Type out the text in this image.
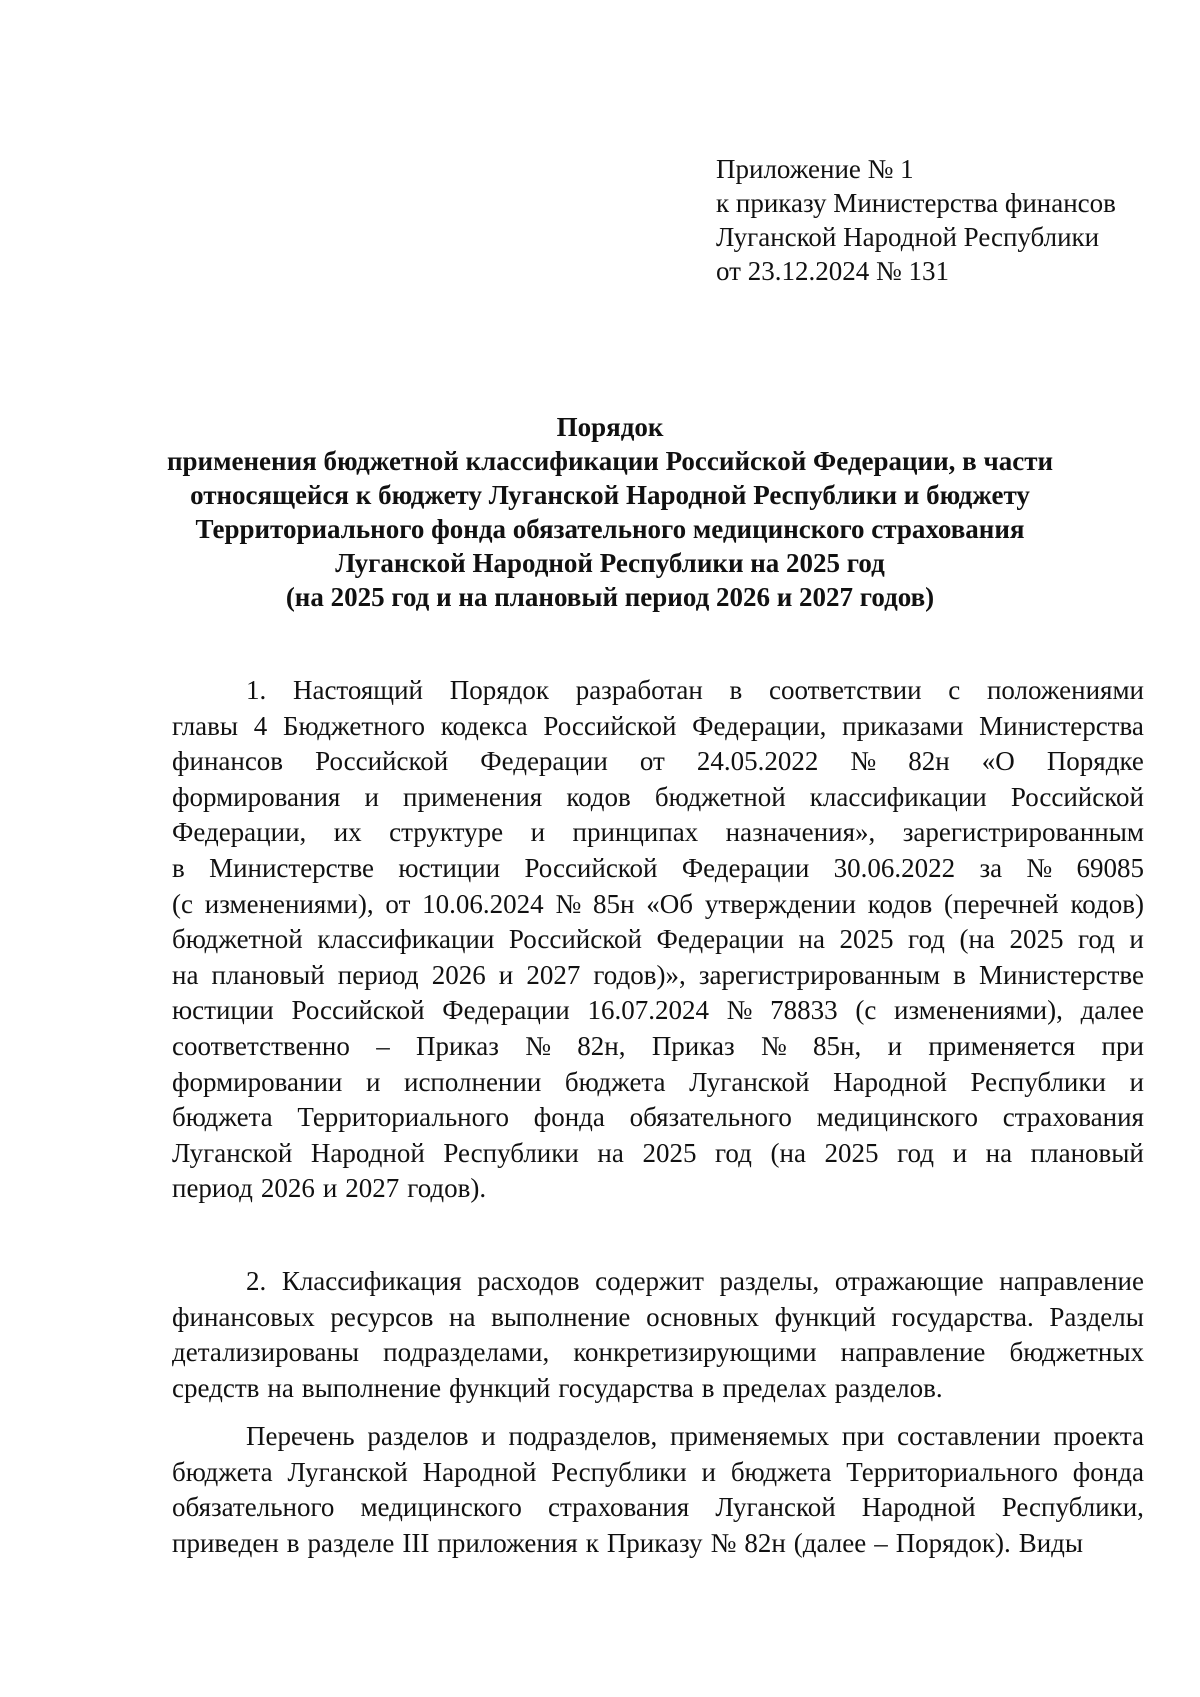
Приложение № 1
к приказу Министерства финансов
Луганской Народной Республики
от 23.12.2024 № 131
Порядок
применения бюджетной классификации Российской Федерации, в части
относящейся к бюджету Луганской Народной Республики и бюджету
Территориального фонда обязательного медицинского страхования
Луганской Народной Республики на 2025 год
(на 2025 год и на плановый период 2026 и 2027 годов)
1. Настоящий Порядок разработан в соответствии с положениями
главы 4 Бюджетного кодекса Российской Федерации, приказами Министерства
финансов Российской Федерации от 24.05.2022 № 82н «О Порядке
формирования и применения кодов бюджетной классификации Российской
Федерации, их структуре и принципах назначения», зарегистрированным
в Министерстве юстиции Российской Федерации 30.06.2022 за № 69085
(с изменениями), от 10.06.2024 № 85н «Об утверждении кодов (перечней кодов)
бюджетной классификации Российской Федерации на 2025 год (на 2025 год и
на плановый период 2026 и 2027 годов)», зарегистрированным в Министерстве
юстиции Российской Федерации 16.07.2024 № 78833 (с изменениями), далее
соответственно – Приказ № 82н, Приказ № 85н, и применяется при
формировании и исполнении бюджета Луганской Народной Республики и
бюджета Территориального фонда обязательного медицинского страхования
Луганской Народной Республики на 2025 год (на 2025 год и на плановый
период 2026 и 2027 годов).
2. Классификация расходов содержит разделы, отражающие направление
финансовых ресурсов на выполнение основных функций государства. Разделы
детализированы подразделами, конкретизирующими направление бюджетных
средств на выполнение функций государства в пределах разделов.
Перечень разделов и подразделов, применяемых при составлении проекта
бюджета Луганской Народной Республики и бюджета Территориального фонда
обязательного медицинского страхования Луганской Народной Республики,
приведен в разделе III приложения к Приказу № 82н (далее – Порядок). Виды
